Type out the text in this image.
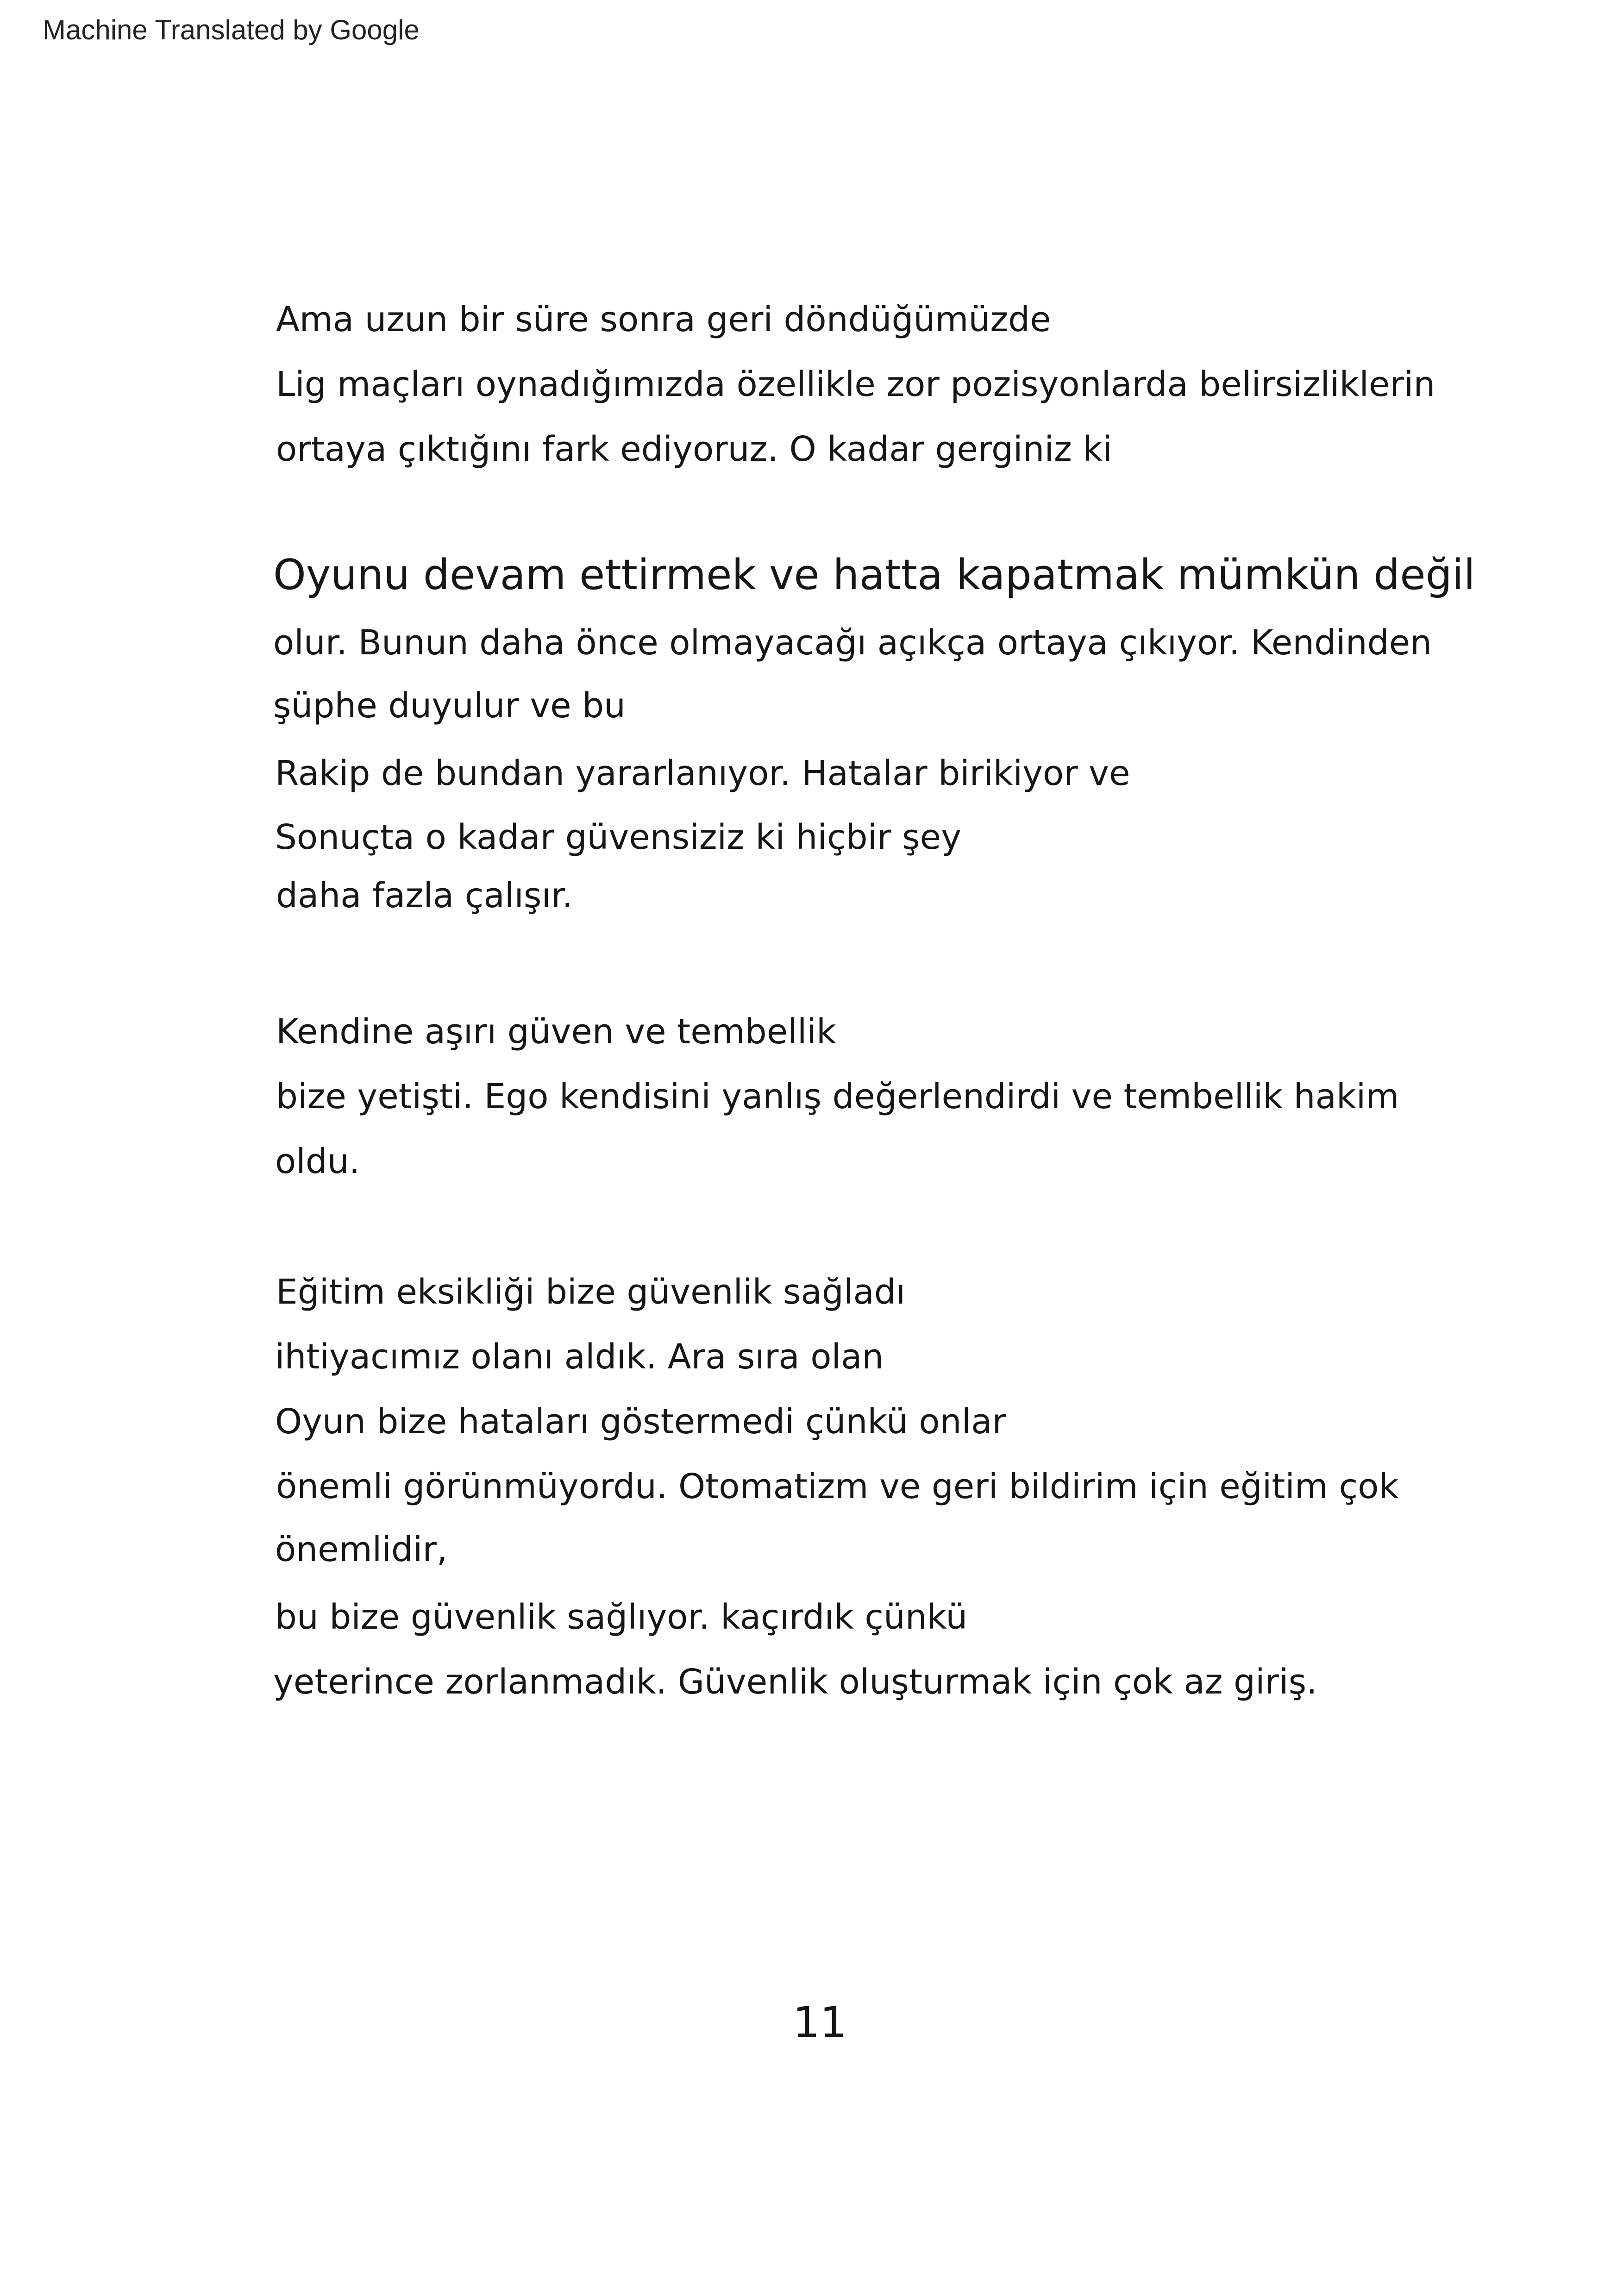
Machine Translated by Google
Ama uzun bir süre sonra geri döndüğümüzde
Lig maçları oynadığımızda özellikle zor pozisyonlarda belirsizliklerin
ortaya çıktığını fark ediyoruz. O kadar gerginiz ki
Oyunu devam ettirmek ve hatta kapatmak mümkün değil
olur. Bunun daha önce olmayacağı açıkça ortaya çıkıyor. Kendinden
şüphe duyulur ve bu
Rakip de bundan yararlanıyor. Hatalar birikiyor ve
Sonuçta o kadar güvensiziz ki hiçbir şey
daha fazla çalışır.
Kendine aşırı güven ve tembellik
bize yetişti. Ego kendisini yanlış değerlendirdi ve tembellik hakim
oldu.
Eğitim eksikliği bize güvenlik sağladı
ihtiyacımız olanı aldık. Ara sıra olan
Oyun bize hataları göstermedi çünkü onlar
önemli görünmüyordu. Otomatizm ve geri bildirim için eğitim çok
önemlidir,
bu bize güvenlik sağlıyor. kaçırdık çünkü
yeterince zorlanmadık. Güvenlik oluşturmak için çok az giriş.
11
